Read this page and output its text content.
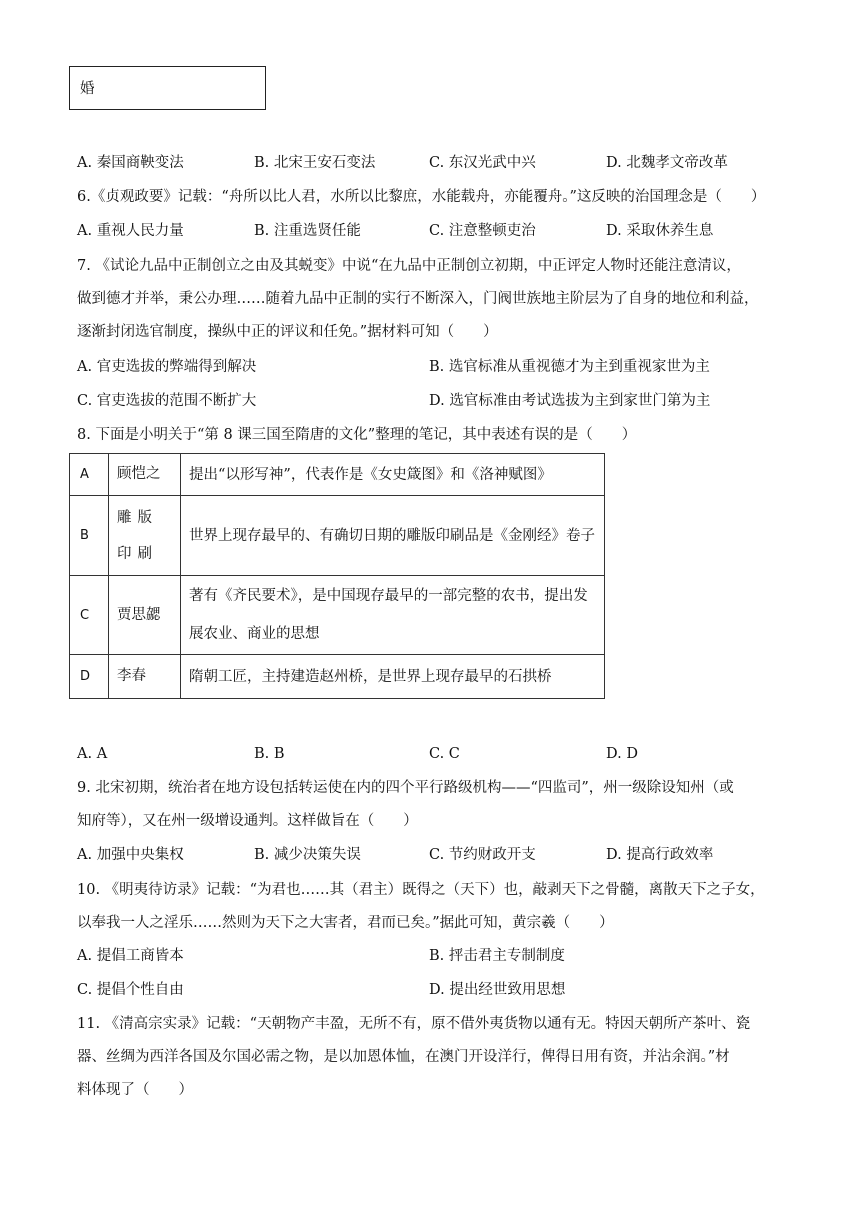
婚
A. 秦国商鞅变法	B. 北宋王安石变法	C. 东汉光武中兴	D. 北魏孝文帝改革
6.《贞观政要》记载：“舟所以比人君，水所以比黎庶，水能载舟，亦能覆舟。”这反映的治国理念是（　　）
A. 重视人民力量	B. 注重选贤任能	C. 注意整顿吏治	D. 采取休养生息
7. 《试论九品中正制创立之由及其蜕变》中说“在九品中正制创立初期，中正评定人物时还能注意清议，
做到德才并举，秉公办理……随着九品中正制的实行不断深入，门阀世族地主阶层为了自身的地位和利益，
逐渐封闭选官制度，操纵中正的评议和任免。”据材料可知（　　）
A. 官吏选拔的弊端得到解决	B. 选官标准从重视德才为主到重视家世为主
C. 官吏选拔的范围不断扩大	D. 选官标准由考试选拔为主到家世门第为主
8. 下面是小明关于“第 8 课三国至隋唐的文化”整理的笔记，其中表述有误的是（　　）
A	顾恺之	提出“以形写神”，代表作是《女史箴图》和《洛神赋图》
B	雕版印刷	世界上现存最早的、有确切日期的雕版印刷品是《金刚经》卷子
C	贾思勰	著有《齐民要术》，是中国现存最早的一部完整的农书，提出发展农业、商业的思想
D	李春	隋朝工匠，主持建造赵州桥，是世界上现存最早的石拱桥
A. A	B. B	C. C	D. D
9. 北宋初期，统治者在地方设包括转运使在内的四个平行路级机构——“四监司”，州一级除设知州（或
知府等），又在州一级增设通判。这样做旨在（　　）
A. 加强中央集权	B. 减少决策失误	C. 节约财政开支	D. 提高行政效率
10. 《明夷待访录》记载：“为君也……其（君主）既得之（天下）也，敲剥天下之骨髓，离散天下之子女，
以奉我一人之淫乐……然则为天下之大害者，君而已矣。”据此可知，黄宗羲（　　）
A. 提倡工商皆本	B. 抨击君主专制制度
C. 提倡个性自由	D. 提出经世致用思想
11. 《清高宗实录》记载：“天朝物产丰盈，无所不有，原不借外夷货物以通有无。特因天朝所产茶叶、瓷
器、丝绸为西洋各国及尔国必需之物，是以加恩体恤，在澳门开设洋行，俾得日用有资，并沾余润。”材
料体现了（　　）
